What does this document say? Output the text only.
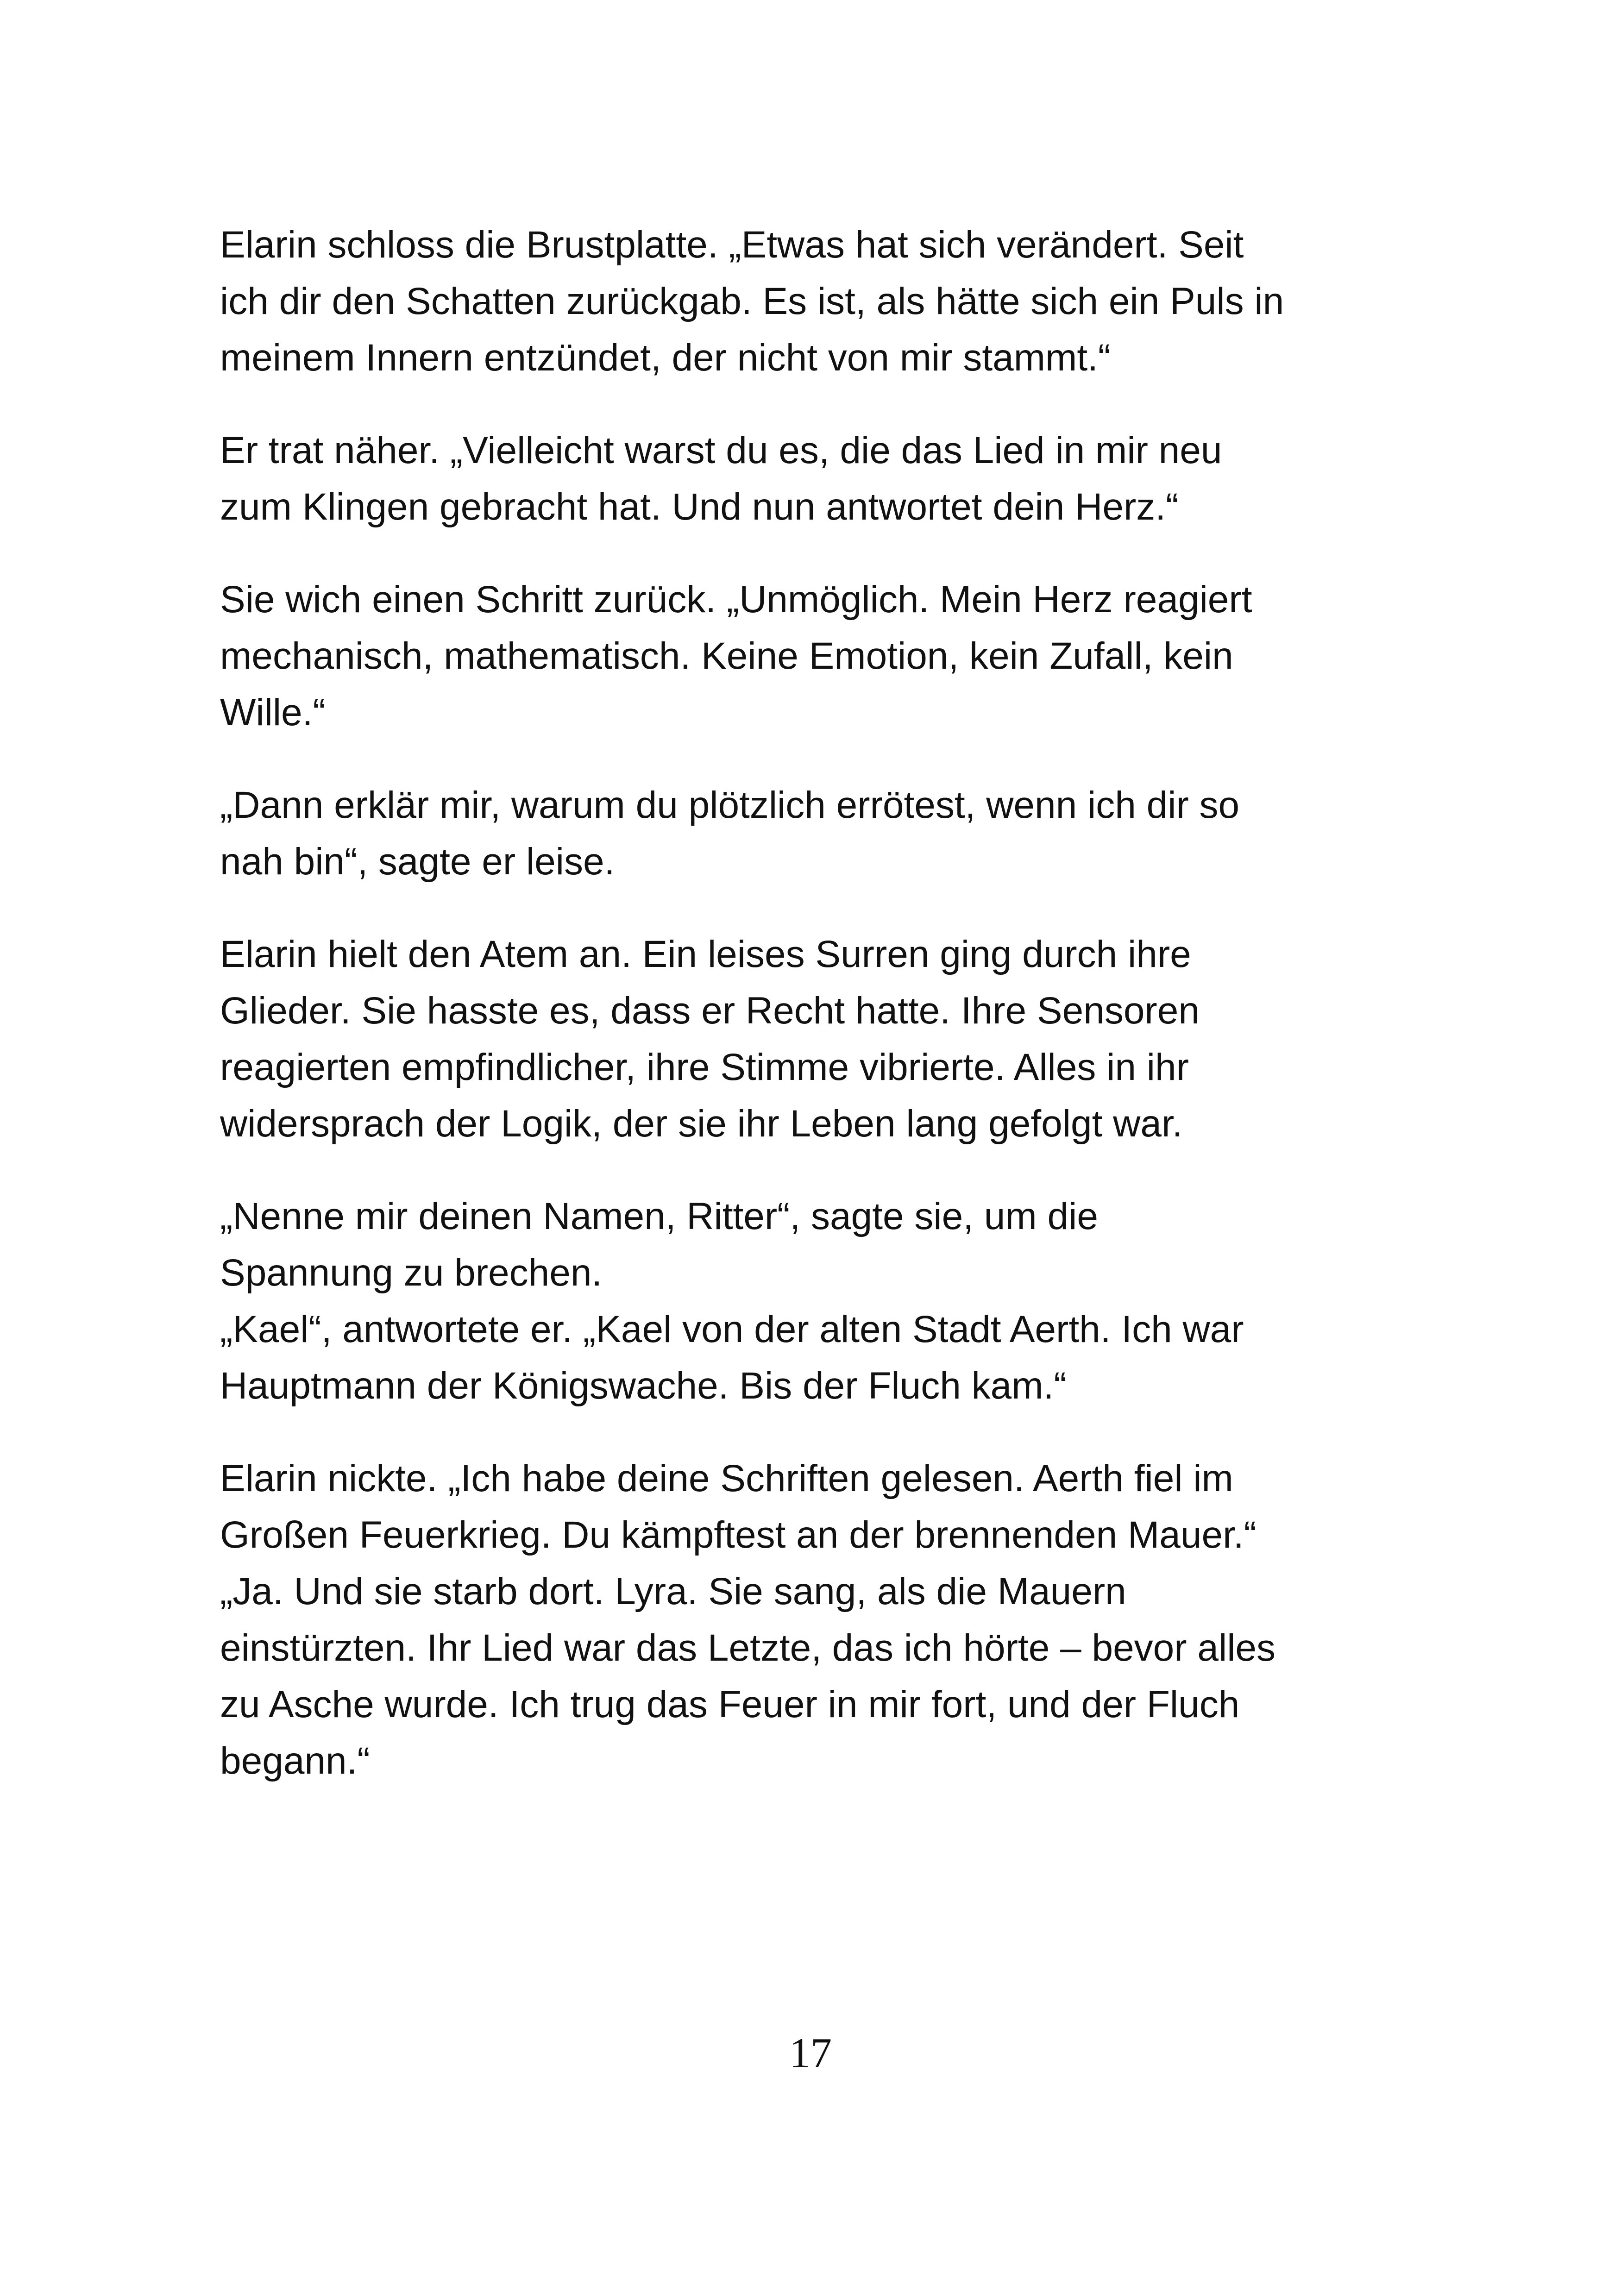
Elarin schloss die Brustplatte. „Etwas hat sich verändert. Seit
ich dir den Schatten zurückgab. Es ist, als hätte sich ein Puls in
meinem Innern entzündet, der nicht von mir stammt.“

Er trat näher. „Vielleicht warst du es, die das Lied in mir neu
zum Klingen gebracht hat. Und nun antwortet dein Herz.“

Sie wich einen Schritt zurück. „Unmöglich. Mein Herz reagiert
mechanisch, mathematisch. Keine Emotion, kein Zufall, kein
Wille.“

„Dann erklär mir, warum du plötzlich errötest, wenn ich dir so
nah bin“, sagte er leise.

Elarin hielt den Atem an. Ein leises Surren ging durch ihre
Glieder. Sie hasste es, dass er Recht hatte. Ihre Sensoren
reagierten empfindlicher, ihre Stimme vibrierte. Alles in ihr
widersprach der Logik, der sie ihr Leben lang gefolgt war.

„Nenne mir deinen Namen, Ritter“, sagte sie, um die
Spannung zu brechen.
„Kael“, antwortete er. „Kael von der alten Stadt Aerth. Ich war
Hauptmann der Königswache. Bis der Fluch kam.“

Elarin nickte. „Ich habe deine Schriften gelesen. Aerth fiel im
Großen Feuerkrieg. Du kämpftest an der brennenden Mauer.“
„Ja. Und sie starb dort. Lyra. Sie sang, als die Mauern
einstürzten. Ihr Lied war das Letzte, das ich hörte – bevor alles
zu Asche wurde. Ich trug das Feuer in mir fort, und der Fluch
begann.“

17
